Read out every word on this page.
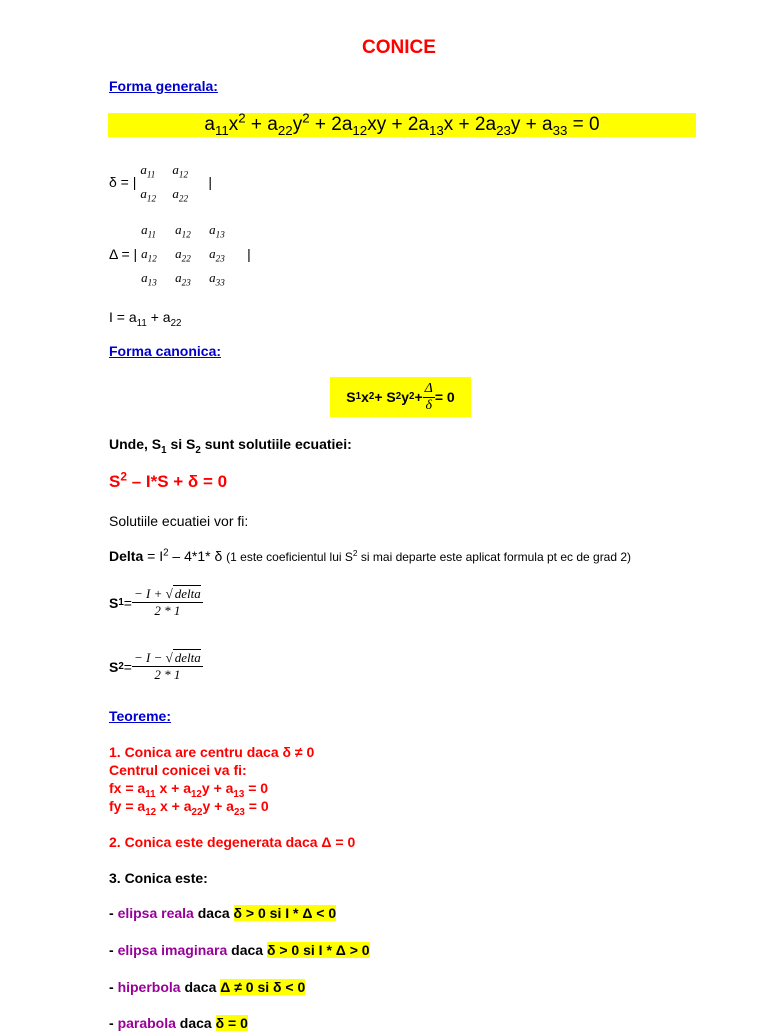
CONICE
Forma generala:
$a_{11}x^2 + a_{22}y^2 + 2a_{12}xy + 2a_{13}x + 2a_{23}y + a_{33} = 0$
δ = |
$a_{11}$	$a_{12}$
$a_{12}$	$a_{22}$
|
Δ = |
$a_{11}$	$a_{12}$	$a_{13}$
$a_{12}$	$a_{22}$	$a_{23}$
$a_{13}$	$a_{23}$	$a_{33}$
|
$I = a_{11} + a_{22}$
Forma canonica:
S 1 x 2 + S 2 y $2 + \frac{\Delta}{\delta} = 0$
Unde, $S_1$ si $S_2$ sunt solutiile ecuatiei:
$S^2 - I*S + \delta = 0$
Solutiile ecuatiei vor fi:
Delta = $I^2 - 4*1*$ δ (1 este coeficientul lui $S^2$ si mai departe este aplicat formula pt ec de grad 2)
S $1 = \frac{\text{− I + √ delta}}{2 * 1}$
S $2 = \frac{\text{− I − √ delta}}{2 * 1}$
Teoreme:
1. Conica are centru daca δ ≠ 0
Centrul conicei va fi:
fx = $a_{11}$ $x + a_{12}y + a_{13} = 0$
fy = $a_{12}$ $x + a_{22}y + a_{23} = 0$
2. Conica este degenerata daca Δ = 0
3. Conica este:
- elipsa reala daca δ > 0 si I * Δ < 0
- elipsa imaginara daca δ > 0 si I * Δ > 0
- hiperbola daca Δ ≠ 0 si δ < 0
- parabola daca δ = 0
